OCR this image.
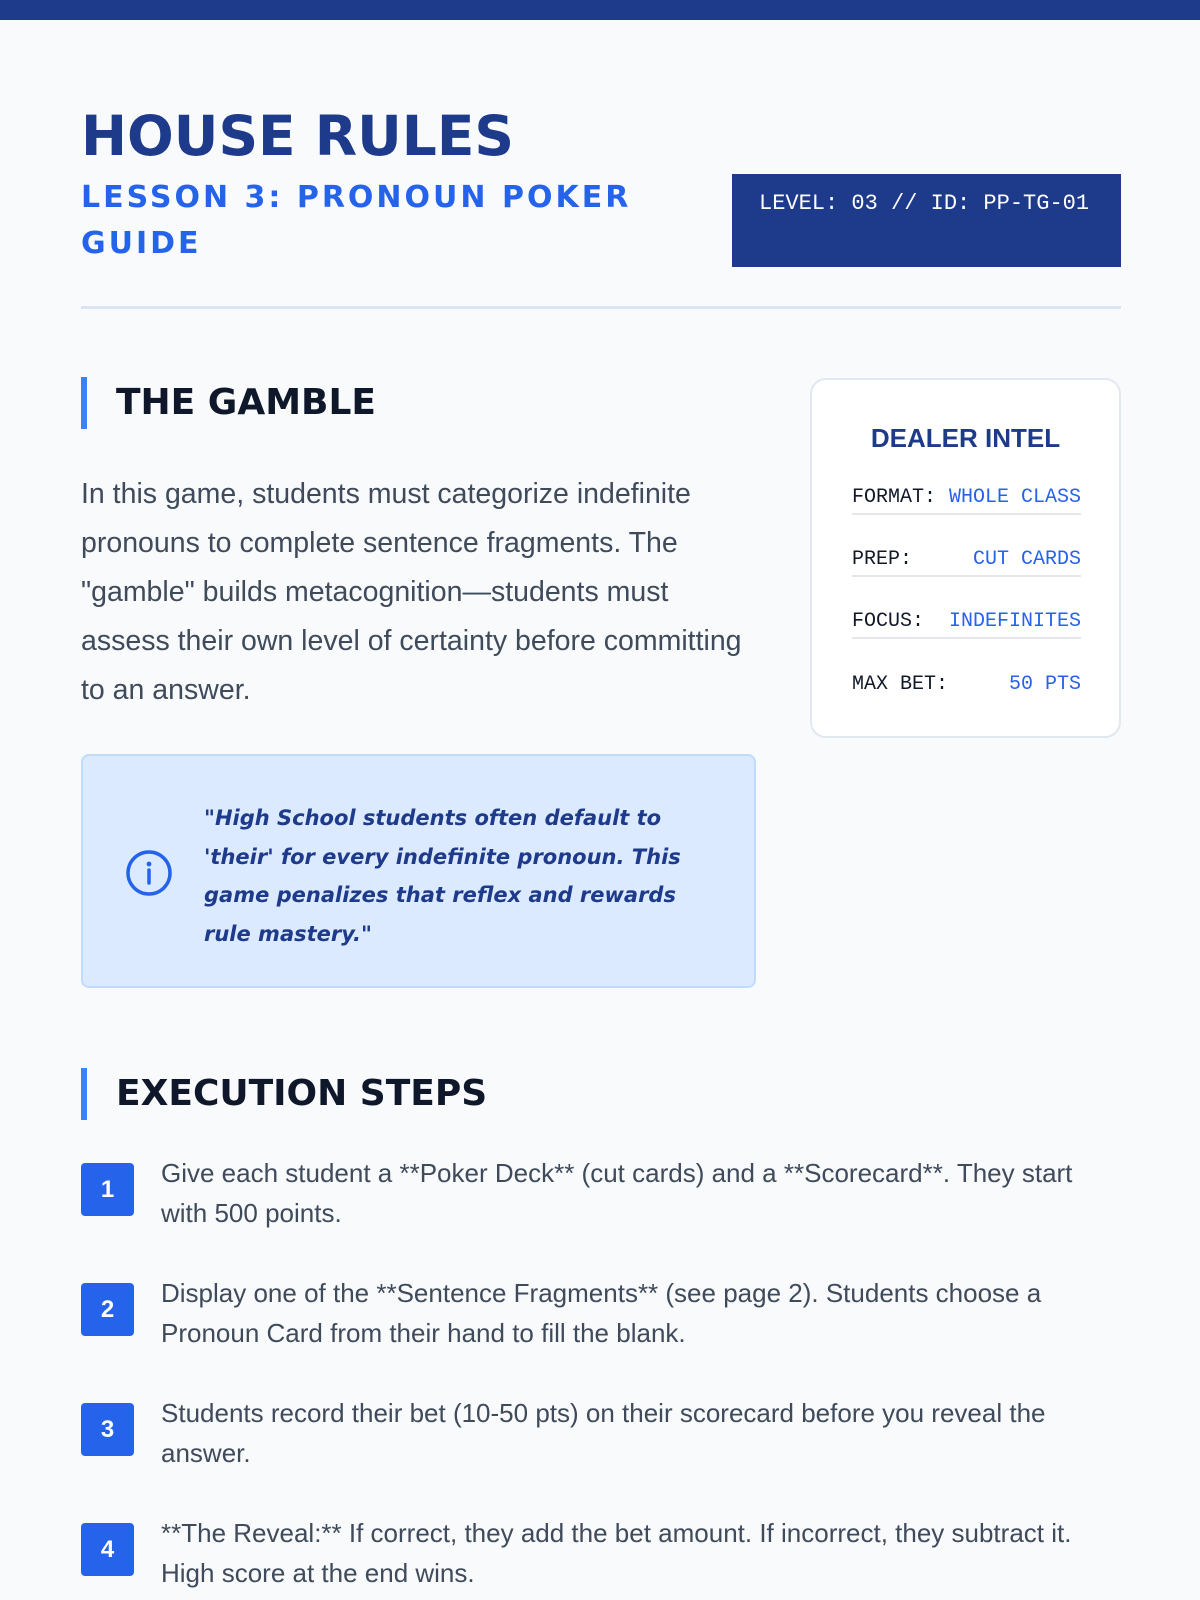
HOUSE RULES
LESSON 3: PRONOUN POKER GUIDE
LEVEL: 03 // ID: PP-TG-01
THE GAMBLE

In this game, students must categorize indefinite pronouns to complete sentence fragments. The "gamble" builds metacognition—students must assess their own level of certainty before committing to an answer.

"High School students often default to 'their' for every indefinite pronoun. This game penalizes that reflex and rewards rule mastery."
DEALER INTEL
FORMAT: WHOLE CLASS
PREP:	CUT CARDS
FOCUS: INDEFINITES
MAX BET:	50 PTS
EXECUTION STEPS
1
Give each student a **Poker Deck** (cut cards) and a **Scorecard**. They start with 500 points.
2
Display one of the **Sentence Fragments** (see page 2). Students choose a Pronoun Card from their hand to fill the blank.
3
Students record their bet (10-50 pts) on their scorecard before you reveal the answer.
4
**The Reveal:** If correct, they add the bet amount. If incorrect, they subtract it. High score at the end wins.
